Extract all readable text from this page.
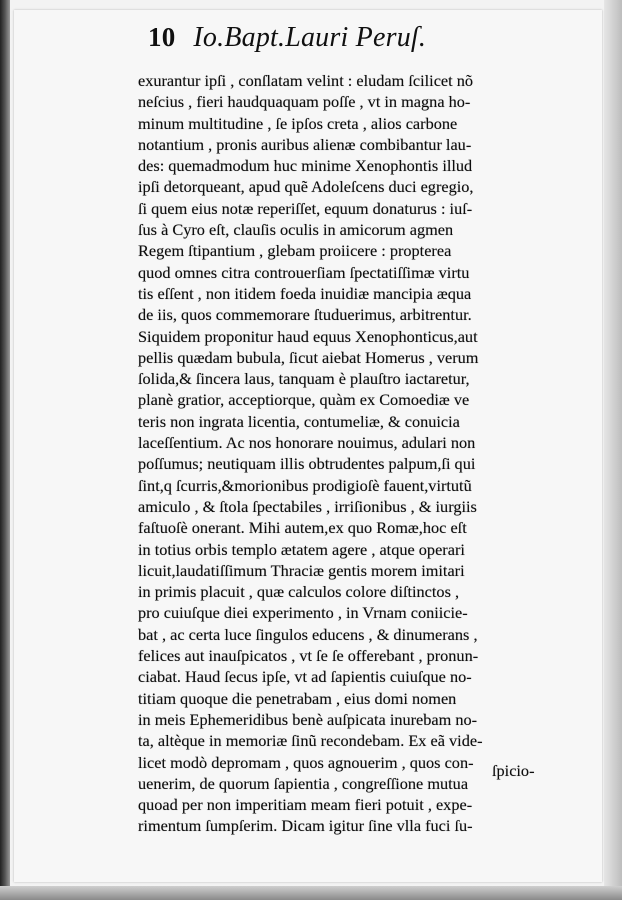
10 Io.Bapt.Lauri Peruſ.
exurantur ipſi , conſlatam velint : eludam ſcilicet nõ
neſcius , fieri haudquaquam poſſe , vt in magna ho-
minum multitudine , ſe ipſos creta , alios carbone
notantium , pronis auribus alienæ combibantur lau-
des: quemadmodum huc minime Xenophontis illud
ipſi detorqueant, apud quẽ Adoleſcens duci egregio,
ſi quem eius notæ reperiſſet, equum donaturus : iuſ-
ſus à Cyro eſt, clauſis oculis in amicorum agmen
Regem ſtipantium , glebam proiicere : propterea
quod omnes citra controuerſiam ſpectatiſſimæ virtu
tis eſſent , non itidem foeda inuidiæ mancipia æqua
de iis, quos commemorare ſtuduerimus, arbitrentur.
Siquidem proponitur haud equus Xenophonticus,aut
pellis quædam bubula, ſicut aiebat Homerus , verum
ſolida,& ſincera laus, tanquam è plauſtro iactaretur,
planè gratior, acceptiorque, quàm ex Comoediæ ve
teris non ingrata licentia, contumeliæ, & conuicia
laceſſentium. Ac nos honorare nouimus, adulari non
poſſumus; neutiquam illis obtrudentes palpum,ſi qui
ſint,q ſcurris,&morionibus prodigioſè fauent,virtutũ
amiculo , & ſtola ſpectabiles , irriſionibus , & iurgiis
faſtuoſè onerant. Mihi autem,ex quo Romæ,hoc eſt
in totius orbis templo ætatem agere , atque operari
licuit,laudatiſſimum Thraciæ gentis morem imitari
in primis placuit , quæ calculos colore diſtinctos ,
pro cuiuſque diei experimento , in Vrnam coniicie-
bat , ac certa luce ſingulos educens , & dinumerans ,
felices aut inauſpicatos , vt ſe ſe offerebant , pronun-
ciabat. Haud ſecus ipſe, vt ad ſapientis cuiuſque no-
titiam quoque die penetrabam , eius domi nomen
in meis Ephemeridibus benè auſpicata inurebam no-
ta, altèque in memoriæ ſinũ recondebam. Ex eã vide-
licet modò depromam , quos agnouerim , quos con-
uenerim, de quorum ſapientia , congreſſione mutua
quoad per non imperitiam meam fieri potuit , expe-
rimentum ſumpſerim. Dicam igitur ſine vlla fuci ſu-
ſpicio-
